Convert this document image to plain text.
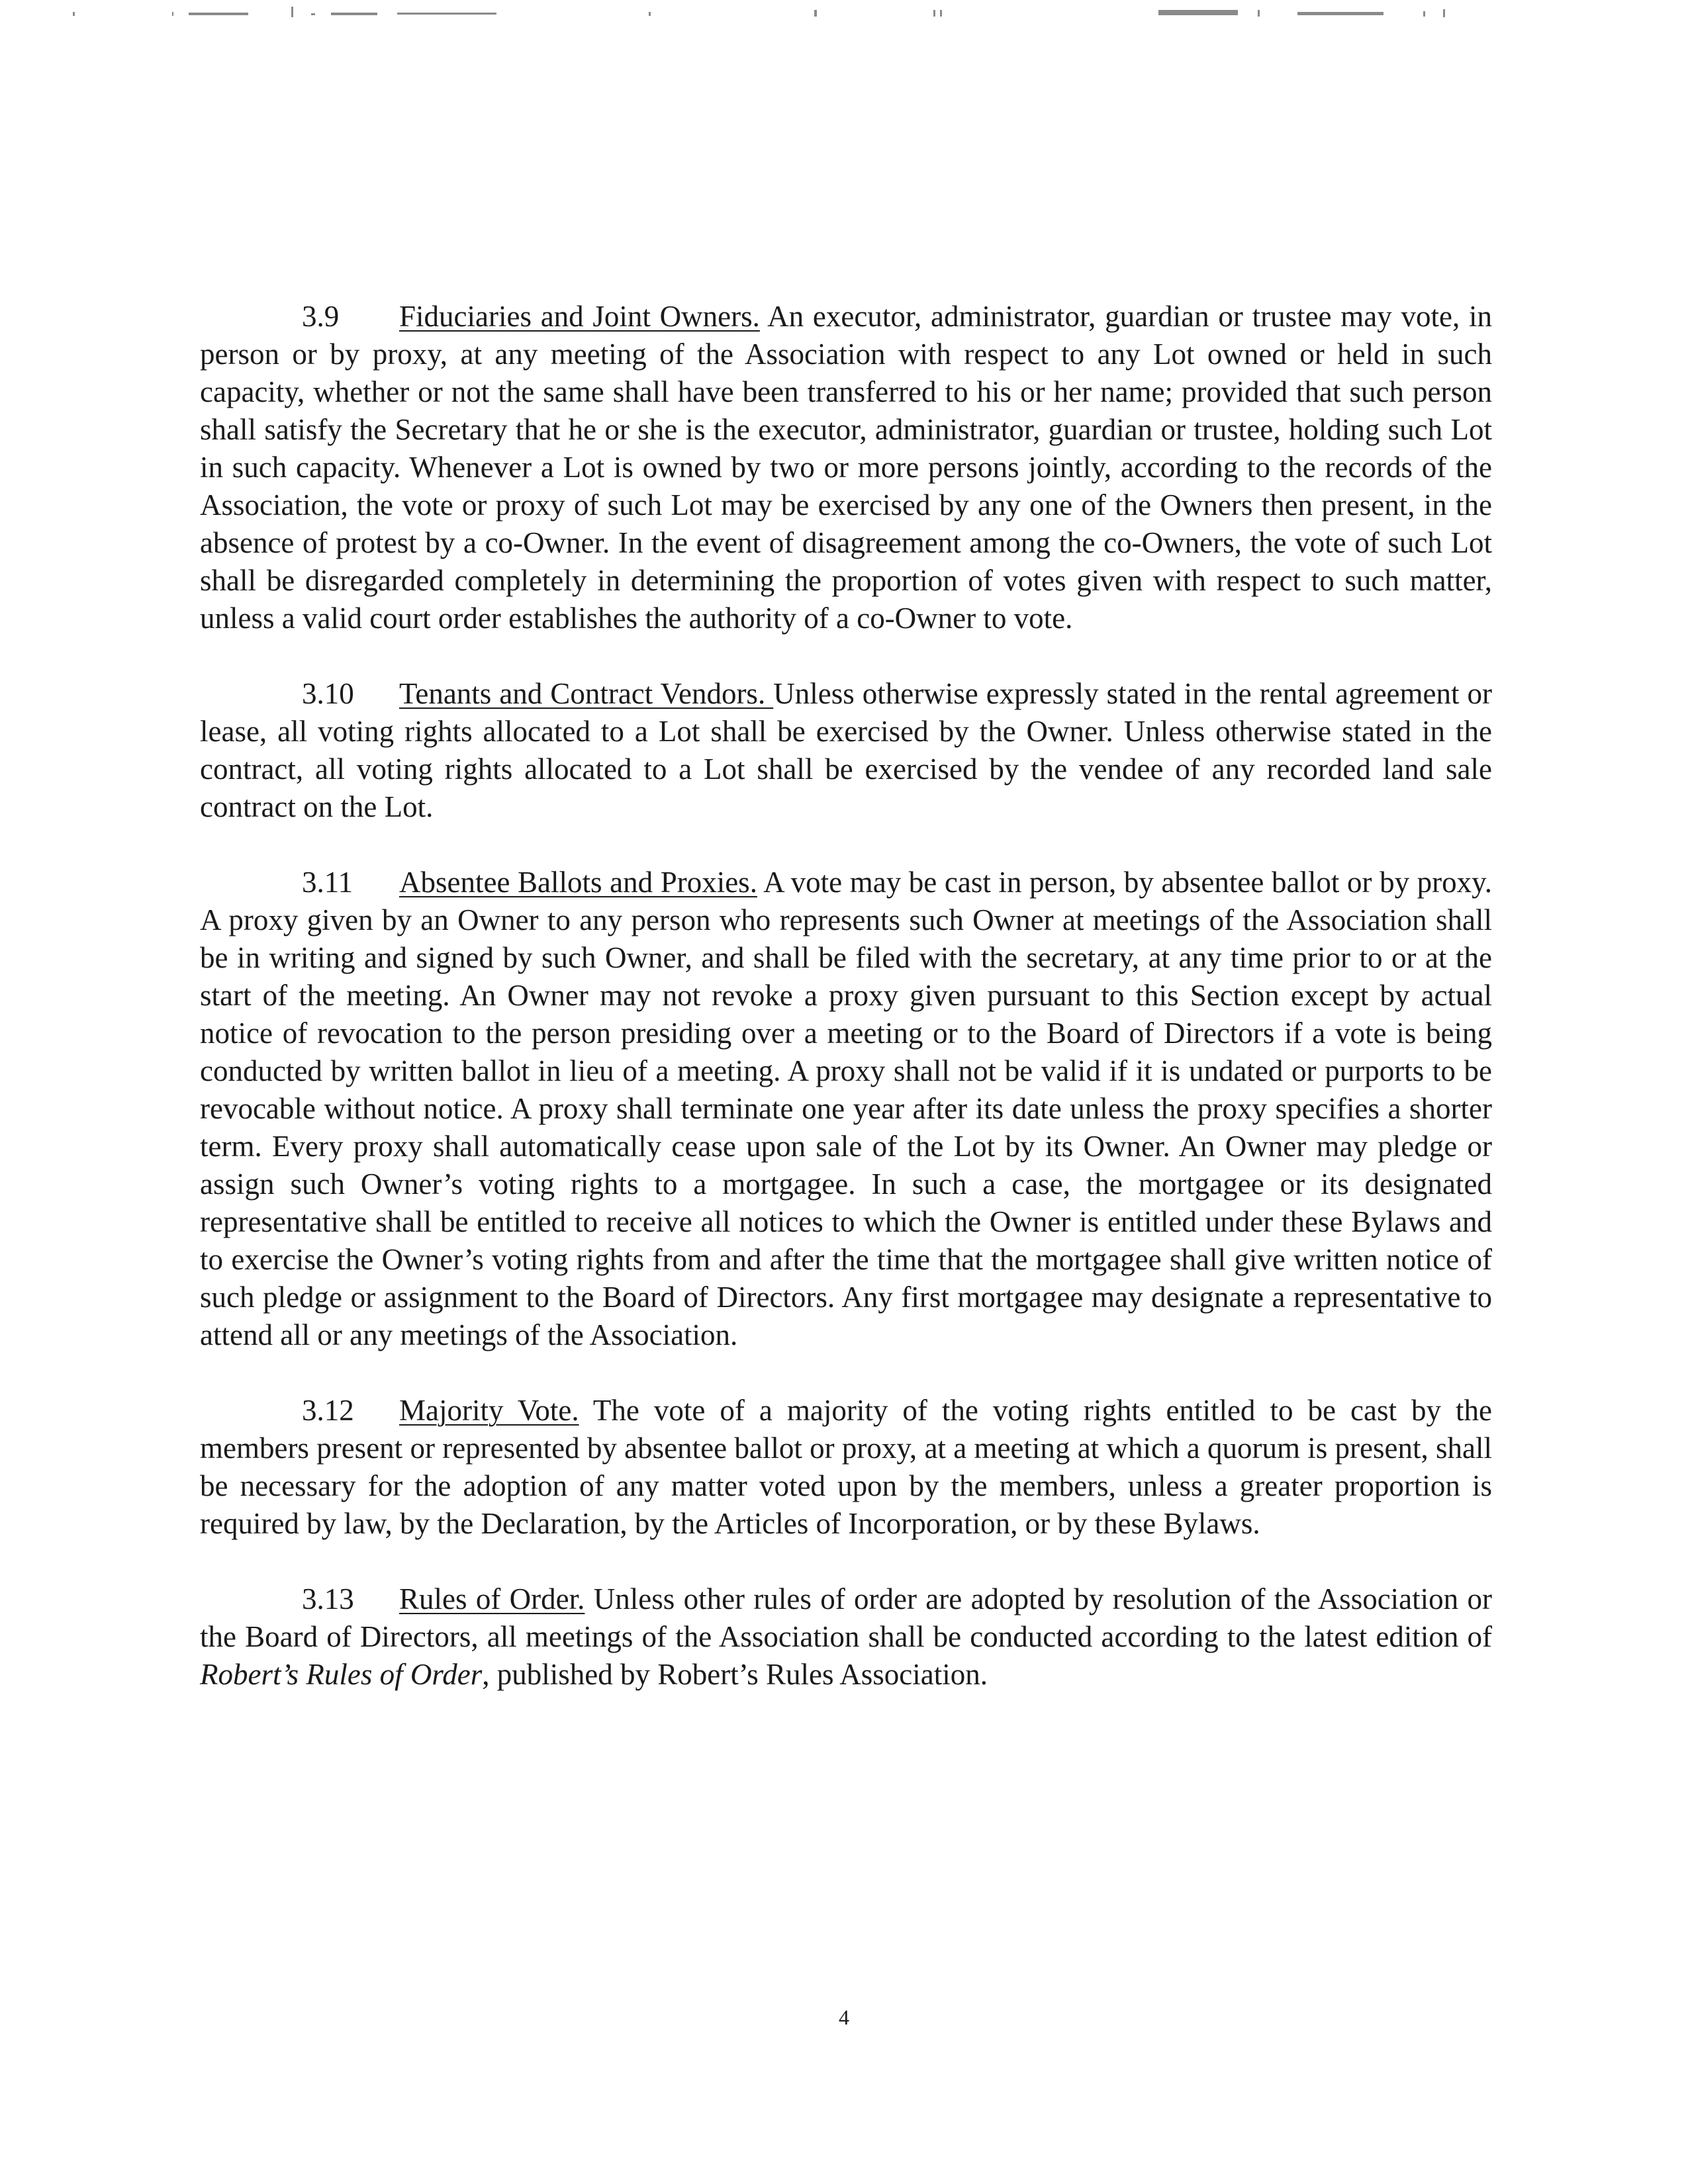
3.9 Fiduciaries and Joint Owners. An executor, administrator, guardian or trustee may vote, in person or by proxy, at any meeting of the Association with respect to any Lot owned or held in such capacity, whether or not the same shall have been transferred to his or her name; provided that such person shall satisfy the Secretary that he or she is the executor, administrator, guardian or trustee, holding such Lot in such capacity. Whenever a Lot is owned by two or more persons jointly, according to the records of the Association, the vote or proxy of such Lot may be exercised by any one of the Owners then present, in the absence of protest by a co-Owner. In the event of disagreement among the co-Owners, the vote of such Lot shall be disregarded completely in determining the proportion of votes given with respect to such matter, unless a valid court order establishes the authority of a co-Owner to vote.

3.10 Tenants and Contract Vendors. Unless otherwise expressly stated in the rental agreement or lease, all voting rights allocated to a Lot shall be exercised by the Owner. Unless otherwise stated in the contract, all voting rights allocated to a Lot shall be exercised by the vendee of any recorded land sale contract on the Lot.

3.11 Absentee Ballots and Proxies. A vote may be cast in person, by absentee ballot or by proxy. A proxy given by an Owner to any person who represents such Owner at meetings of the Association shall be in writing and signed by such Owner, and shall be filed with the secretary, at any time prior to or at the start of the meeting. An Owner may not revoke a proxy given pursuant to this Section except by actual notice of revocation to the person presiding over a meeting or to the Board of Directors if a vote is being conducted by written ballot in lieu of a meeting. A proxy shall not be valid if it is undated or purports to be revocable without notice. A proxy shall terminate one year after its date unless the proxy specifies a shorter term. Every proxy shall automatically cease upon sale of the Lot by its Owner. An Owner may pledge or assign such Owner’s voting rights to a mortgagee. In such a case, the mortgagee or its designated representative shall be entitled to receive all notices to which the Owner is entitled under these Bylaws and to exercise the Owner’s voting rights from and after the time that the mortgagee shall give written notice of such pledge or assignment to the Board of Directors. Any first mortgagee may designate a representative to attend all or any meetings of the Association.

3.12 Majority Vote. The vote of a majority of the voting rights entitled to be cast by the members present or represented by absentee ballot or proxy, at a meeting at which a quorum is present, shall be necessary for the adoption of any matter voted upon by the members, unless a greater proportion is required by law, by the Declaration, by the Articles of Incorporation, or by these Bylaws.

3.13 Rules of Order. Unless other rules of order are adopted by resolution of the Association or the Board of Directors, all meetings of the Association shall be conducted according to the latest edition of Robert’s Rules of Order, published by Robert’s Rules Association.

4
